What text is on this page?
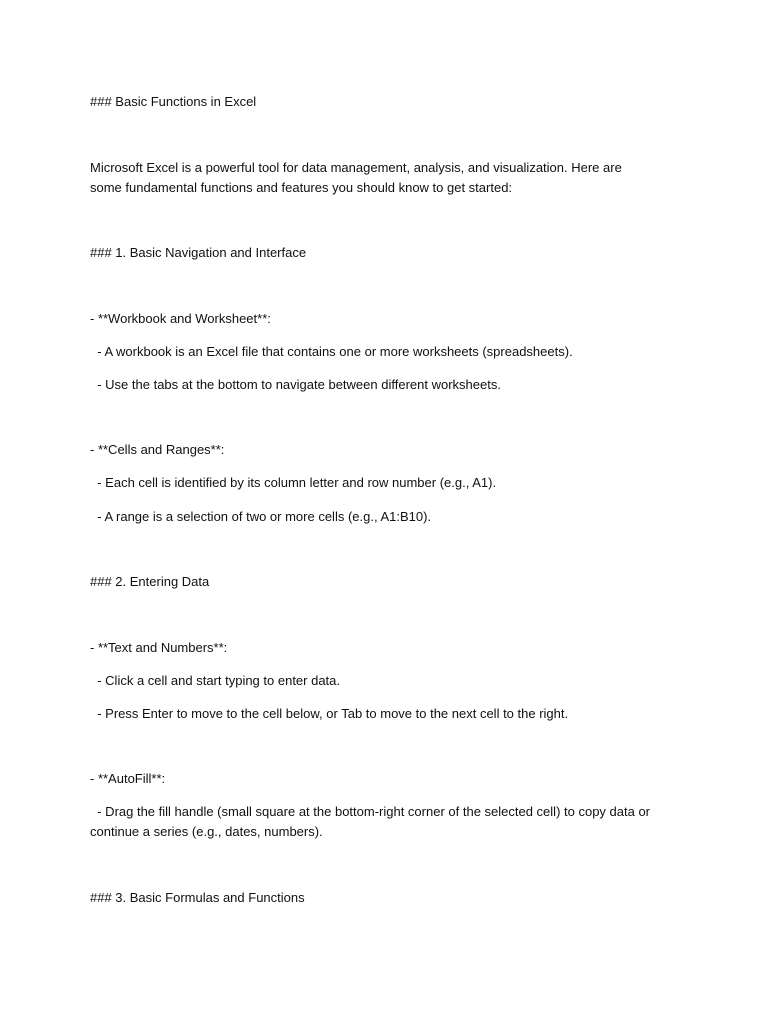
### Basic Functions in Excel
Microsoft Excel is a powerful tool for data management, analysis, and visualization. Here are some fundamental functions and features you should know to get started:
### 1. Basic Navigation and Interface
- **Workbook and Worksheet**:
- A workbook is an Excel file that contains one or more worksheets (spreadsheets).
- Use the tabs at the bottom to navigate between different worksheets.
- **Cells and Ranges**:
- Each cell is identified by its column letter and row number (e.g., A1).
- A range is a selection of two or more cells (e.g., A1:B10).
### 2. Entering Data
- **Text and Numbers**:
- Click a cell and start typing to enter data.
- Press Enter to move to the cell below, or Tab to move to the next cell to the right.
- **AutoFill**:
- Drag the fill handle (small square at the bottom-right corner of the selected cell) to copy data or continue a series (e.g., dates, numbers).
### 3. Basic Formulas and Functions
